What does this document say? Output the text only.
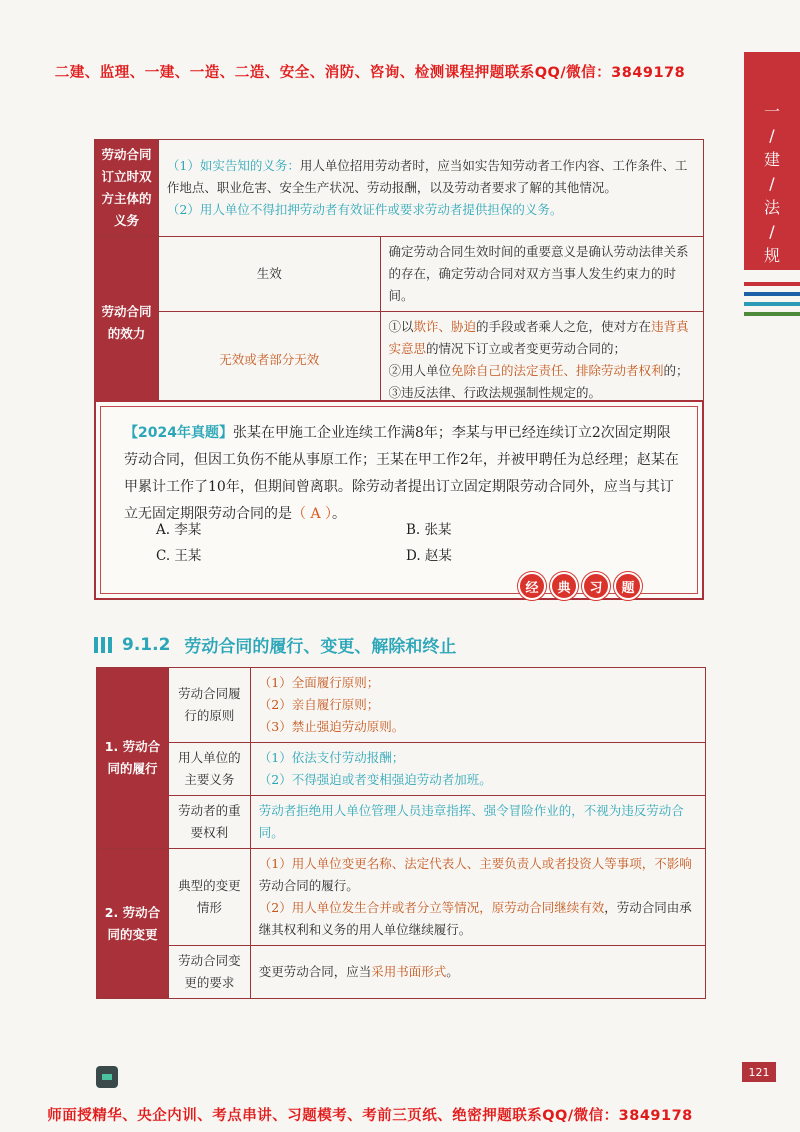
二建、监理、一建、一造、二造、安全、消防、咨询、检测课程押题联系QQ/微信：3849178
一
/
建
/
法
/
规
劳动合同订立时双方主体的义务	（1）如实告知的义务：用人单位招用劳动者时，应当如实告知劳动者工作内容、工作条件、工作地点、职业危害、安全生产状况、劳动报酬，以及劳动者要求了解的其他情况。
（2）用人单位不得扣押劳动者有效证件或要求劳动者提供担保的义务。	
劳动合同的效力	生效	确定劳动合同生效时间的重要意义是确认劳动法律关系的存在，确定劳动合同对双方当事人发生约束力的时间。
	无效或者部分无效	①以欺诈、胁迫的手段或者乘人之危，使对方在违背真实意思的情况下订立或者变更劳动合同的；
②用人单位免除自己的法定责任、排除劳动者权利的；
③违反法律、行政法规强制性规定的。
【2024年真题】张某在甲施工企业连续工作满8年；李某与甲已经连续订立2次固定期限劳动合同，但因工负伤不能从事原工作；王某在甲工作2年，并被甲聘任为总经理；赵某在甲累计工作了10年，但期间曾离职。除劳动者提出订立固定期限劳动合同外，应当与其订立无固定期限劳动合同的是（ A ）。
A. 李某	B. 张某
C. 王某	D. 赵某
经	典	习	题
9.1.2 劳动合同的履行、变更、解除和终止
1. 劳动合同的履行	劳动合同履行的原则	（1）全面履行原则；
（2）亲自履行原则；
（3）禁止强迫劳动原则。
	用人单位的主要义务	（1）依法支付劳动报酬；
（2）不得强迫或者变相强迫劳动者加班。
	劳动者的重要权利	劳动者拒绝用人单位管理人员违章指挥、强令冒险作业的，不视为违反劳动合同。
2. 劳动合同的变更	典型的变更情形	（1）用人单位变更名称、法定代表人、主要负责人或者投资人等事项，不影响劳动合同的履行。
（2）用人单位发生合并或者分立等情况，原劳动合同继续有效，劳动合同由承继其权利和义务的用人单位继续履行。
	劳动合同变更的要求	变更劳动合同，应当采用书面形式。
121
师面授精华、央企内训、考点串讲、习题模考、考前三页纸、绝密押题联系QQ/微信：3849178
